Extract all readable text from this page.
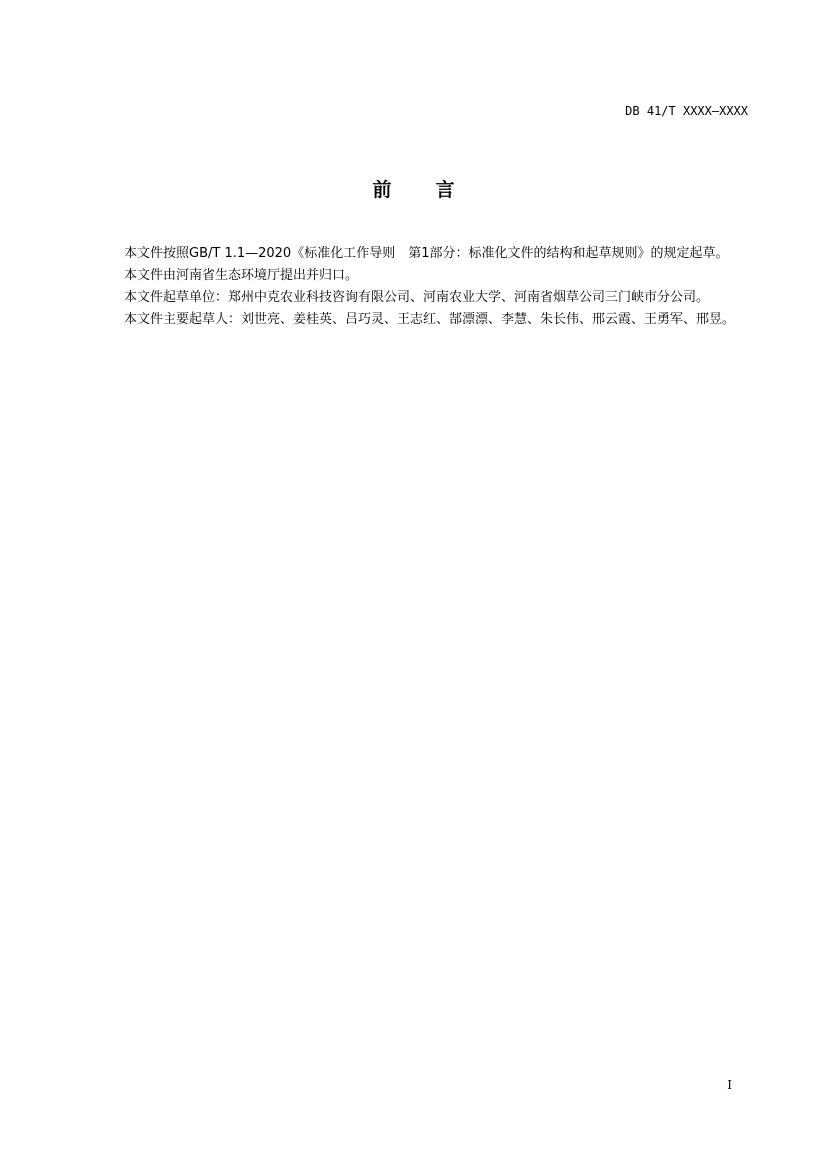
DB 41/T XXXX—XXXX
前 言

本文件按照GB/T 1.1—2020《标准化工作导则　第1部分：标准化文件的结构和起草规则》的规定起草。

本文件由河南省生态环境厅提出并归口。

本文件起草单位：郑州中克农业科技咨询有限公司、河南农业大学、河南省烟草公司三门峡市分公司。

本文件主要起草人：刘世亮、姜桂英、吕巧灵、王志红、郜漂漂、李慧、朱长伟、邢云霞、王勇军、邢昱。

I
